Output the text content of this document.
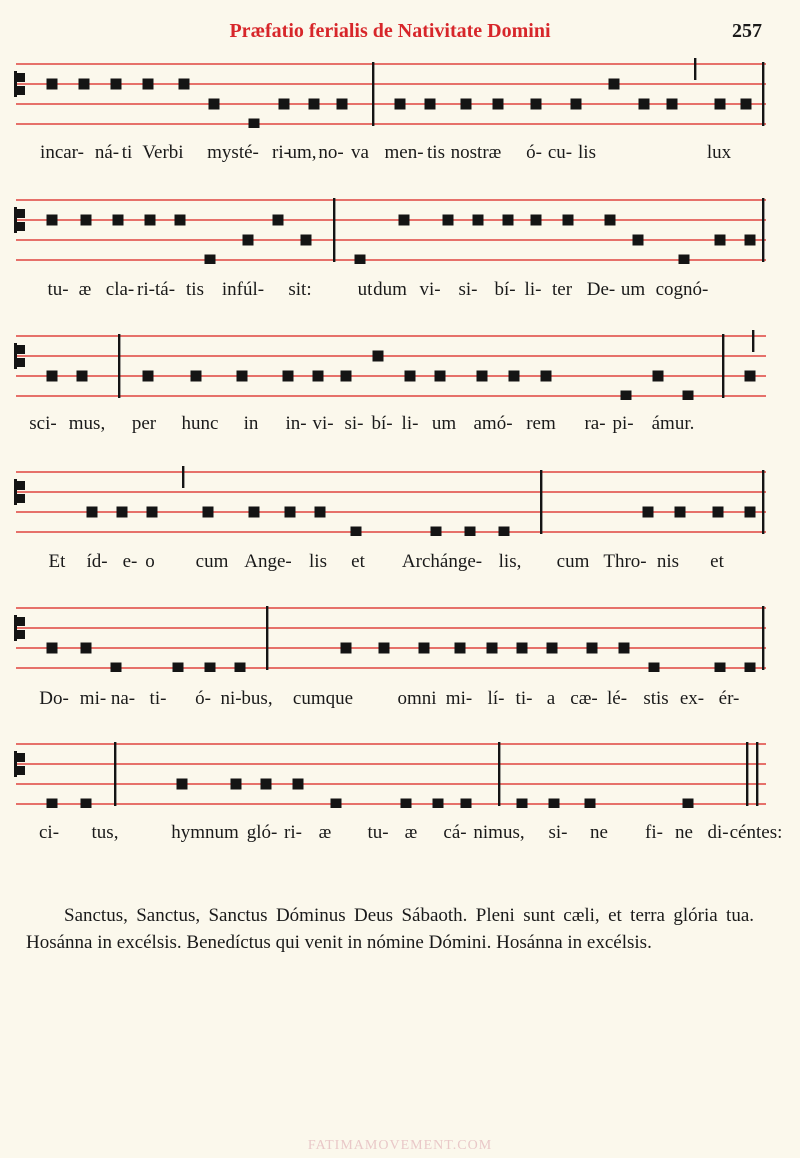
Præfatio ferialis de Nativitate Domini	257
incar- ná- ti Verbi mysté- ri-
um, no- va men- tis nostræ ó- cu- lis	lux
tu- æ cla- ri- tá- tis infúl- sit: ut dum vi- si- bí- li- ter De- um cognó-
sci- mus, per hunc in in- vi- si- bí- li- um amó- rem ra- pi- ámur.
Et íd- e- o cum Ange- lis et Archánge- lis, cum Thro- nis et
Do- mi- na- ti- ó- ni- bus, cumque omni mi- lí- ti- a cæ- lé- stis ex- ér-
ci- tus,	hymnum gló- ri- æ tu- æ cá- nimus, si- ne fi- ne di- céntes:

Sanctus, Sanctus, Sanctus Dóminus Deus Sábaoth. Pleni sunt cæli, et terra glória tua. Hosánna in excélsis. Benedíctus qui venit in nómine Dómini. Hosánna in excélsis.

FATIMAMOVEMENT.COM
